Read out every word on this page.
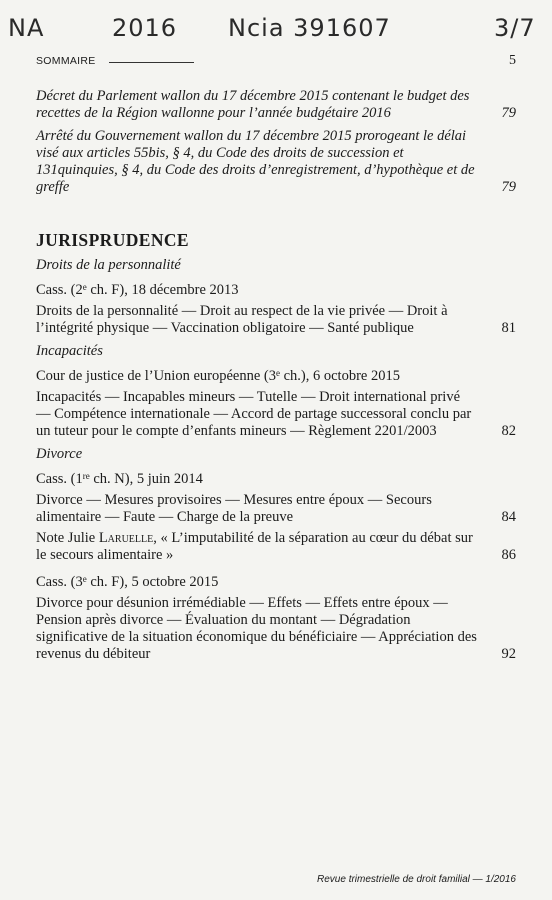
NA	2016 Ncia 391607	3/7
SOMMAIRE	5
Décret du Parlement wallon du 17 décembre 2015 contenant le budget des recettes de la Région wallonne pour l’année budgétaire 2016	79
Arrêté du Gouvernement wallon du 17 décembre 2015 prorogeant le délai visé aux articles 55bis, § 4, du Code des droits de succession et 131quinquies, § 4, du Code des droits d’enregistrement, d’hypothèque et de greffe	79
JURISPRUDENCE
Droits de la personnalité
Cass. (2e ch. F), 18 décembre 2013
Droits de la personnalité — Droit au respect de la vie privée — Droit à l’intégrité physique — Vaccination obligatoire — Santé publique	81
Incapacités
Cour de justice de l’Union européenne (3e ch.), 6 octobre 2015
Incapacités — Incapables mineurs — Tutelle — Droit international privé — Compétence internationale — Accord de partage successoral conclu par un tuteur pour le compte d’enfants mineurs — Règlement 2201/2003	82
Divorce
Cass. (1re ch. N), 5 juin 2014
Divorce — Mesures provisoires — Mesures entre époux — Secours alimentaire — Faute — Charge de la preuve	84
Note Julie Laruelle, « L’imputabilité de la séparation au cœur du débat sur le secours alimentaire »	86
Cass. (3e ch. F), 5 octobre 2015
Divorce pour désunion irrémédiable — Effets — Effets entre époux — Pension après divorce — Évaluation du montant — Dégradation significative de la situation économique du bénéficiaire — Appréciation des revenus du débiteur	92
Revue trimestrielle de droit familial — 1/2016
